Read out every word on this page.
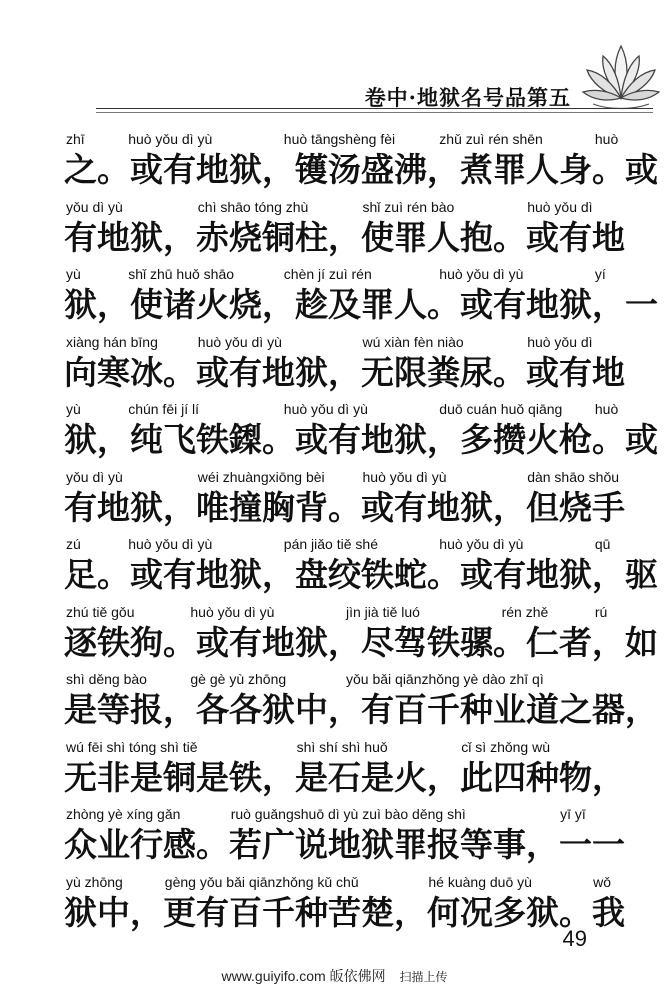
卷中·地狱名号品第五
zhī	huò yǒu dì yù	huò tāngshèng fèi	zhǔ zuì rén shēn	huò
之 。 或 有 地 狱 ， 镬 汤 盛 沸 ， 煮 罪 人 身 。 或
yǒu dì yù	chì shāo tóng zhù	shǐ zuì rén bào	huò yǒu dì
有 地 狱 ， 赤 烧 铜 柱 ， 使 罪 人 抱 。 或 有 地
yù	shǐ zhū huǒ shāo	chèn jí zuì rén	huò yǒu dì yù	yí
狱 ， 使 诸 火 烧 ， 趁 及 罪 人 。 或 有 地 狱 ， 一
xiàng hán bīng	huò yǒu dì yù	wú xiàn fèn niào	huò yǒu dì
向 寒 冰 。 或 有 地 狱 ， 无 限 粪 尿 。 或 有 地
yù	chún fēi jí lí	huò yǒu dì yù	duō cuán huǒ qiāng huò
狱 ， 纯 飞 铁 鏫 。 或 有 地 狱 ， 多 攒 火 枪 。 或
yǒu dì yù	wéi zhuàngxiōng bèi	huò yǒu dì yù	dàn shāo shǒu
有 地 狱 ， 唯 撞 胸 背 。 或 有 地 狱 ， 但 烧 手
zú	huò yǒu dì yù	pán jiǎo tiě shé	huò yǒu dì yù	qū
足 。 或 有 地 狱 ， 盘 绞 铁 蛇 。 或 有 地 狱 ， 驱
zhú tiě gǒu	huò yǒu dì yù	jìn jià tiě luó	rén zhě	rú
逐 铁 狗 。 或 有 地 狱 ， 尽 驾 铁 骡 。 仁 者 ， 如
shì děng bào	gè gè yù zhōng	yǒu bǎi qiānzhǒng yè dào zhī qì
是 等 报 ， 各 各 狱 中 ， 有 百 千 种 业 道 之 器 ，
wú fēi shì tóng shì tiě	shì shí shì huǒ	cǐ sì zhǒng wù
无 非 是 铜 是 铁 ， 是 石 是 火 ， 此 四 种 物 ，
zhòng yè xíng gǎn	ruò guǎngshuō dì yù zuì bào děng shì	yī yī
众 业 行 感 。 若 广 说 地 狱 罪 报 等 事 ， 一 一
yù zhōng	gèng yǒu bǎi qiānzhǒng kǔ chǔ	hé kuàng duō yù	wǒ
狱 中 ， 更 有 百 千 种 苦 楚 ， 何 况 多 狱 。 我
49
www.guiyifo.com 皈依佛网 扫描上传
